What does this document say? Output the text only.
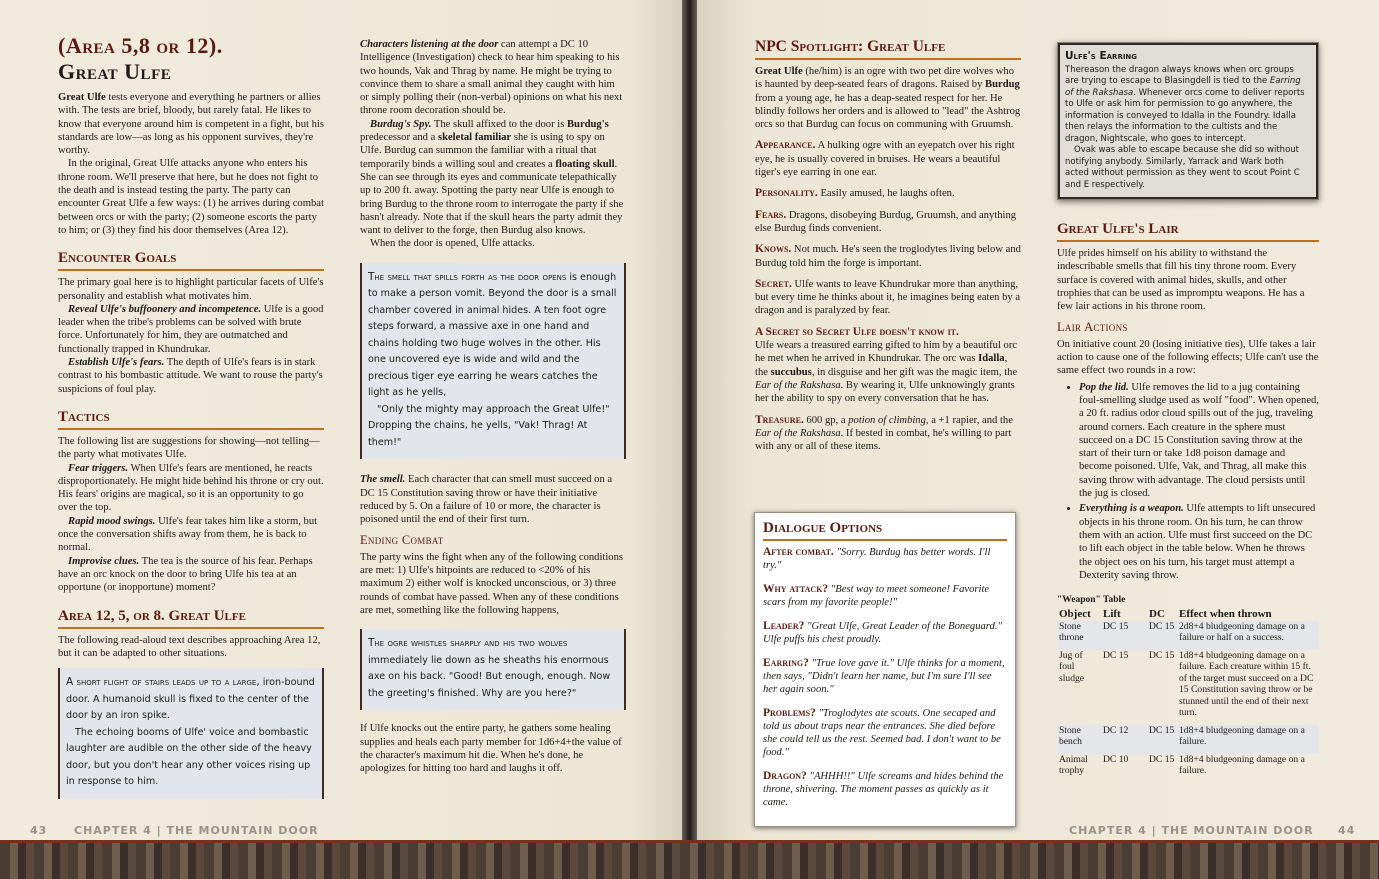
(Area 5,8 or 12).
Great Ulfe

Great Ulfe tests everyone and everything he partners or allies with. The tests are brief, bloody, but rarely fatal. He likes to know that everyone around him is competent in a fight, but his standards are low—as long as his opponent survives, they're worthy.

In the original, Great Ulfe attacks anyone who enters his throne room. We'll preserve that here, but he does not fight to the death and is instead testing the party. The party can encounter Great Ulfe a few ways: (1) he arrives during combat between orcs or with the party; (2) someone escorts the party to him; or (3) they find his door themselves (Area 12).

Encounter Goals

The primary goal here is to highlight particular facets of Ulfe's personality and establish what motivates him.

Reveal Ulfe's buffoonery and incompetence. Ulfe is a good leader when the tribe's problems can be solved with brute force. Unfortunately for him, they are outmatched and functionally trapped in Khundrukar.

Establish Ulfe's fears. The depth of Ulfe's fears is in stark contrast to his bombastic attitude. We want to rouse the party's suspicions of foul play.

Tactics

The following list are suggestions for showing—not telling—the party what motivates Ulfe.

Fear triggers. When Ulfe's fears are mentioned, he reacts disproportionately. He might hide behind his throne or cry out. His fears' origins are magical, so it is an opportunity to go over the top.

Rapid mood swings. Ulfe's fear takes him like a storm, but once the conversation shifts away from them, he is back to normal.

Improvise clues. The tea is the source of his fear. Perhaps have an orc knock on the door to bring Ulfe his tea at an opportune (or inopportune) moment?

Area 12, 5, or 8. Great Ulfe

The following read-aloud text describes approaching Area 12, but it can be adapted to other situations.

A short flight of stairs leads up to a large, iron-bound door. A humanoid skull is fixed to the center of the door by an iron spike.

The echoing booms of Ulfe' voice and bombastic laughter are audible on the other side of the heavy door, but you don't hear any other voices rising up in response to him.

Characters listening at the door can attempt a DC 10 Intelligence (Investigation) check to hear him speaking to his two hounds, Vak and Thrag by name. He might be trying to convince them to share a small animal they caught with him or simply polling their (non-verbal) opinions on what his next throne room decoration should be.

Burdug's Spy. The skull affixed to the door is Burdug's predecessor and a skeletal familiar she is using to spy on Ulfe. Burdug can summon the familiar with a ritual that temporarily binds a willing soul and creates a floating skull. She can see through its eyes and communicate telepathically up to 200 ft. away. Spotting the party near Ulfe is enough to bring Burdug to the throne room to interrogate the party if she hasn't already. Note that if the skull hears the party admit they want to deliver to the forge, then Burdug also knows.

When the door is opened, Ulfe attacks.

The smell that spills forth as the door opens is enough to make a person vomit. Beyond the door is a small chamber covered in animal hides. A ten foot ogre steps forward, a massive axe in one hand and chains holding two huge wolves in the other. His one uncovered eye is wide and wild and the precious tiger eye earring he wears catches the light as he yells,

"Only the mighty may approach the Great Ulfe!" Dropping the chains, he yells, "Vak! Thrag! At them!"

The smell. Each character that can smell must succeed on a DC 15 Constitution saving throw or have their initiative reduced by 5. On a failure of 10 or more, the character is poisoned until the end of their first turn.

Ending Combat

The party wins the fight when any of the following conditions are met: 1) Ulfe's hitpoints are reduced to <20% of his maximum 2) either wolf is knocked unconscious, or 3) three rounds of combat have passed. When any of these conditions are met, something like the following happens,

The ogre whistles sharply and his two wolves immediately lie down as he sheaths his enormous axe on his back. "Good! But enough, enough. Now the greeting's finished. Why are you here?"

If Ulfe knocks out the entire party, he gathers some healing supplies and heals each party member for 1d6+4+the value of the character's maximum hit die. When he's done, he apologizes for hitting too hard and laughs it off.

43 CHAPTER 4 | THE MOUNTAIN DOOR
NPC Spotlight: Great Ulfe

Great Ulfe (he/him) is an ogre with two pet dire wolves who is haunted by deep-seated fears of dragons. Raised by Burdug from a young age, he has a deap-seated respect for her. He blindly follows her orders and is allowed to "lead" the Ashtrog orcs so that Burdug can focus on communing with Gruumsh.

Appearance. A hulking ogre with an eyepatch over his right eye, he is usually covered in bruises. He wears a beautiful tiger's eye earring in one ear.

Personality. Easily amused, he laughs often.

Fears. Dragons, disobeying Burdug, Gruumsh, and anything else Burdug finds convenient.

Knows. Not much. He's seen the troglodytes living below and Burdug told him the forge is important.

Secret. Ulfe wants to leave Khundrukar more than anything, but every time he thinks about it, he imagines being eaten by a dragon and is paralyzed by fear.

A Secret so Secret Ulfe doesn't know it.

Ulfe wears a treasured earring gifted to him by a beautiful orc he met when he arrived in Khundrukar. The orc was Idalla, the succubus, in disguise and her gift was the magic item, the Ear of the Rakshasa. By wearing it, Ulfe unknowingly grants her the ability to spy on every conversation that he has.

Treasure. 600 gp, a potion of climbing, a +1 rapier, and the Ear of the Rakshasa. If bested in combat, he's willing to part with any or all of these items.

Dialogue Options

After combat. "Sorry. Burdug has better words. I'll try."

Why attack? "Best way to meet someone! Favorite scars from my favorite people!"

Leader? "Great Ulfe, Great Leader of the Boneguard." Ulfe puffs his chest proudly.

Earring? "True love gave it." Ulfe thinks for a moment, then says, "Didn't learn her name, but I'm sure I'll see her again soon."

Problems? "Troglodytes ate scouts. One secaped and told us about traps near the entrances. She died before she could tell us the rest. Seemed bad. I don't want to be food."

Dragon? "AHHH!!" Ulfe screams and hides behind the throne, shivering. The moment passes as quickly as it came.

Ulfe's Earring

Thereason the dragon always knows when orc groups are trying to escape to Blasingdell is tied to the Earring of the Rakshasa. Whenever orcs come to deliver reports to Ulfe or ask him for permission to go anywhere, the information is conveyed to Idalla in the Foundry. Idalla then relays the information to the cultists and the dragon, Nightscale, who goes to intercept.

Ovak was able to escape because she did so without notifying anybody. Similarly, Yarrack and Wark both acted without permission as they went to scout Point C and E respectively.

Great Ulfe's Lair

Ulfe prides himself on his ability to withstand the indescribable smells that fill his tiny throne room. Every surface is covered with animal hides, skulls, and other trophies that can be used as impromptu weapons. He has a few lair actions in his throne room.

Lair Actions

On initiative count 20 (losing initiative ties), Ulfe takes a lair action to cause one of the following effects; Ulfe can't use the same effect two rounds in a row:

• Pop the lid. Ulfe removes the lid to a jug containing foul-smelling sludge used as wolf "food". When opened, a 20 ft. radius odor cloud spills out of the jug, traveling around corners. Each creature in the sphere must succeed on a DC 15 Constitution saving throw at the start of their turn or take 1d8 poison damage and become poisoned. Ulfe, Vak, and Thrag, all make this saving throw with advantage. The cloud persists until the jug is closed.
• Everything is a weapon. Ulfe attempts to lift unsecured objects in his throne room. On his turn, he can throw them with an action. Ulfe must first succeed on the DC to lift each object in the table below. When he throws the object oes on his turn, his target must attempt a Dexterity saving throw.
"Weapon" Table
Object	Lift	DC	Effect when thrown
Stone throne	DC 15	DC 15	2d8+4 bludgeoning damage on a failure or half on a success.
Jug of foul sludge	DC 15	DC 15	1d8+4 bludgeoning damage on a failure. Each creature within 15 ft. of the target must succeed on a DC 15 Constitution saving throw or be stunned until the end of their next turn.
Stone bench	DC 12	DC 15	1d8+4 bludgeoning damage on a failure.
Animal trophy	DC 10	DC 15	1d8+4 bludgeoning damage on a failure.
CHAPTER 4 | THE MOUNTAIN DOOR 44
